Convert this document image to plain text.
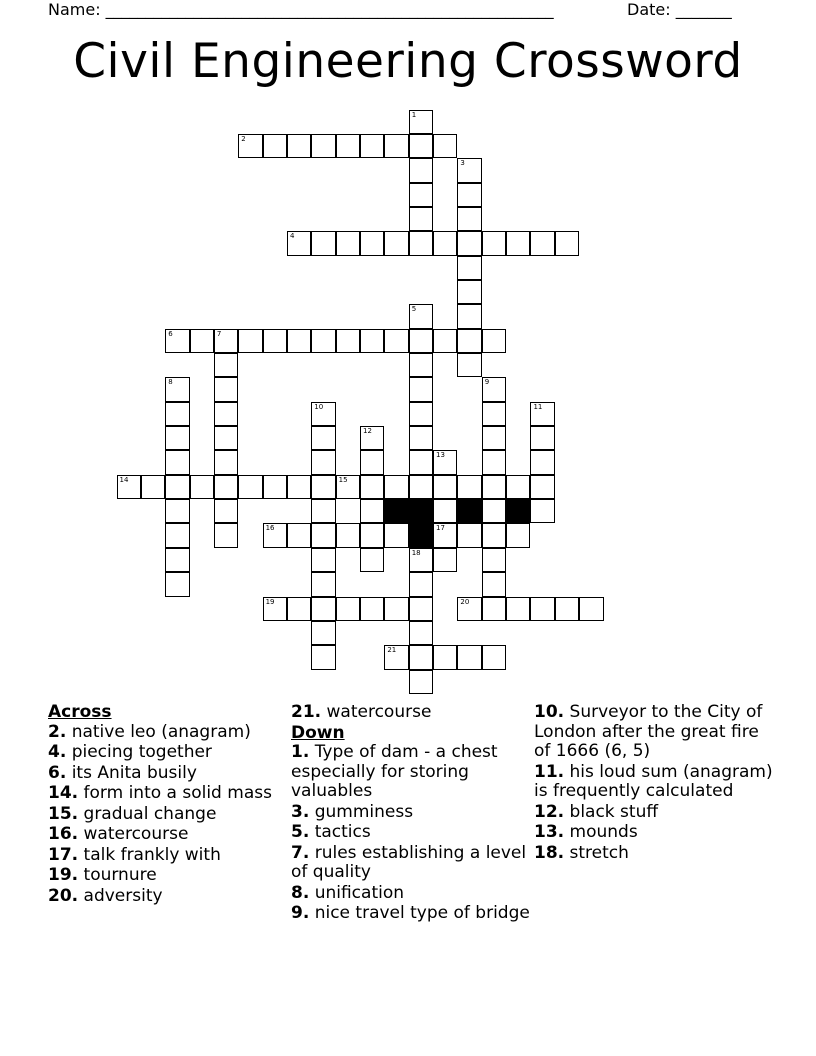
Name: ________________________________________________________	Date: _______
Civil Engineering Crossword
1
2
3
4
5
6	7
8	9
10	11
12
13
14	15
16	17
18
19	20
21
Across
2. native leo (anagram)
4. piecing together
6. its Anita busily
14. form into a solid mass
15. gradual change
16. watercourse
17. talk frankly with
19. tournure
20. adversity
21. watercourse
Down
1. Type of dam - a chest especially for storing valuables
3. gumminess
5. tactics
7. rules establishing a level of quality
8. unification
9. nice travel type of bridge
10. Surveyor to the City of London after the great fire of 1666 (6, 5)
11. his loud sum (anagram) is frequently calculated
12. black stuff
13. mounds
18. stretch
